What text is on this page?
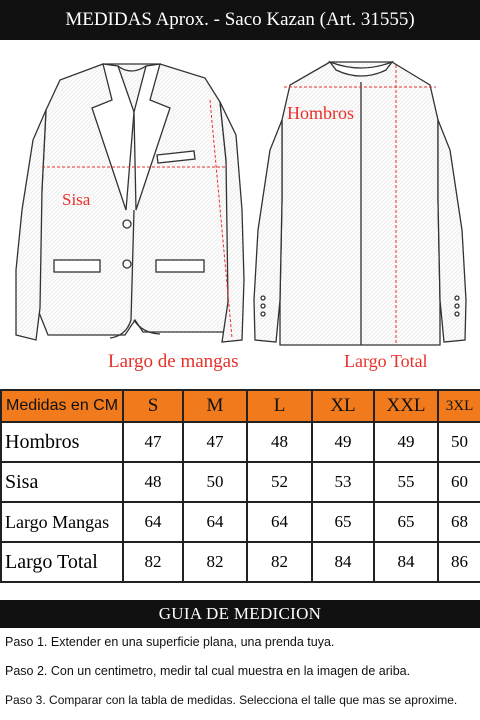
MEDIDAS Aprox. - Saco Kazan (Art. 31555)
Sisa
Hombros
Largo de mangas	Largo Total
Medidas en CM	S	M	L	XL	XXL	3XL
Hombros	47	47	48	49	49	50
Sisa	48	50	52	53	55	60
Largo Mangas	64	64	64	65	65	68
Largo Total	82	82	82	84	84	86
GUIA DE MEDICION
Paso 1. Extender en una superficie plana, una prenda tuya.
Paso 2. Con un centimetro, medir tal cual muestra en la imagen de ariba.
Paso 3. Comparar con la tabla de medidas. Selecciona el talle que mas se aproxime.
